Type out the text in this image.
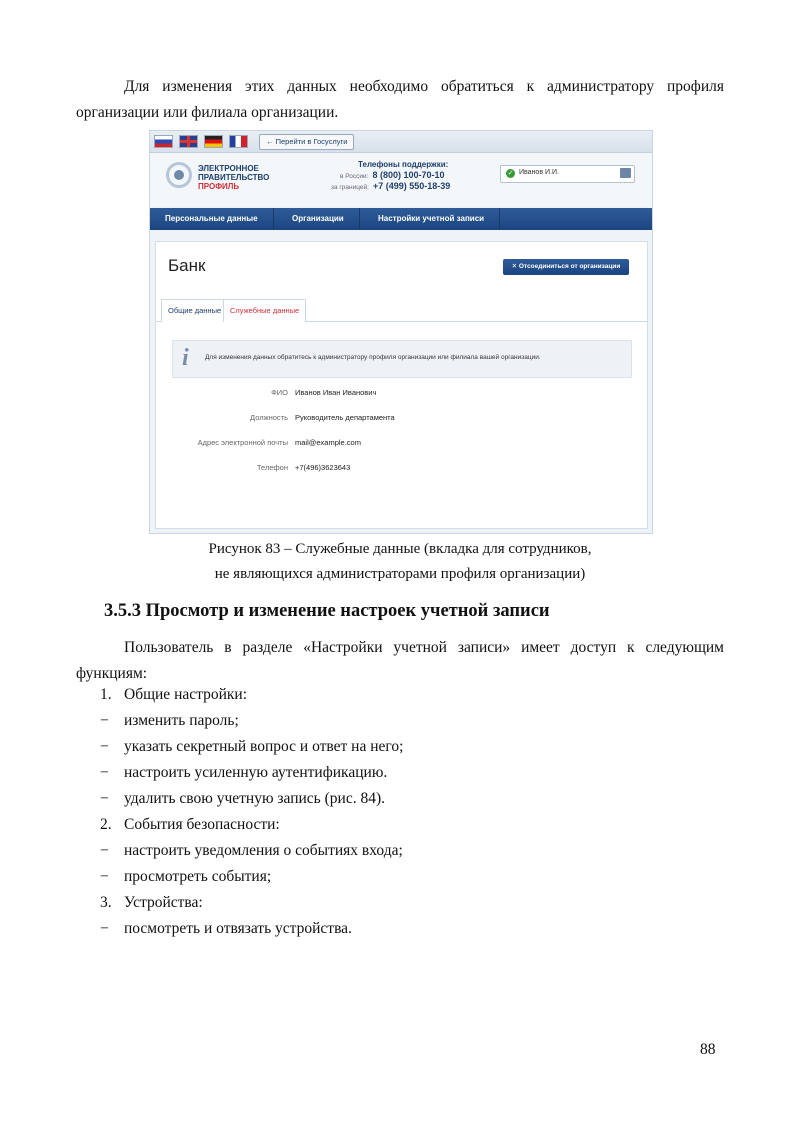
Для изменения этих данных необходимо обратиться к администратору профиля
организации или филиала организации.
← Перейти в Госуслуги
ЭЛЕКТРОННОЕ
ПРАВИТЕЛЬСТВО
ПРОФИЛЬ
Телефоны поддержки:
в России: 8 (800) 100-70-10
за границей: +7 (499) 550-18-39
✓ Иванов И.И.
Персональные данные	Организации	Настройки учетной записи
Банк	✕ Отсоединиться от организации
Общие данные	Служебные данные
i	Для изменения данных обратитесь к администратору профиля организации или филиала вашей организации.
ФИО Иванов Иван Иванович
Должность Руководитель департамента
Адрес электронной почты mail@example.com
Телефон +7(496)3623643
Рисунок 83 – Служебные данные (вкладка для сотрудников,
не являющихся администраторами профиля организации)
3.5.3 Просмотр и изменение настроек учетной записи
Пользователь в разделе «Настройки учетной записи» имеет доступ к следующим
функциям:
1. Общие настройки:
− изменить пароль;
− указать секретный вопрос и ответ на него;
− настроить усиленную аутентификацию.
− удалить свою учетную запись (рис. 84).
2. События безопасности:
− настроить уведомления о событиях входа;
− просмотреть события;
3. Устройства:
− посмотреть и отвязать устройства.
88
